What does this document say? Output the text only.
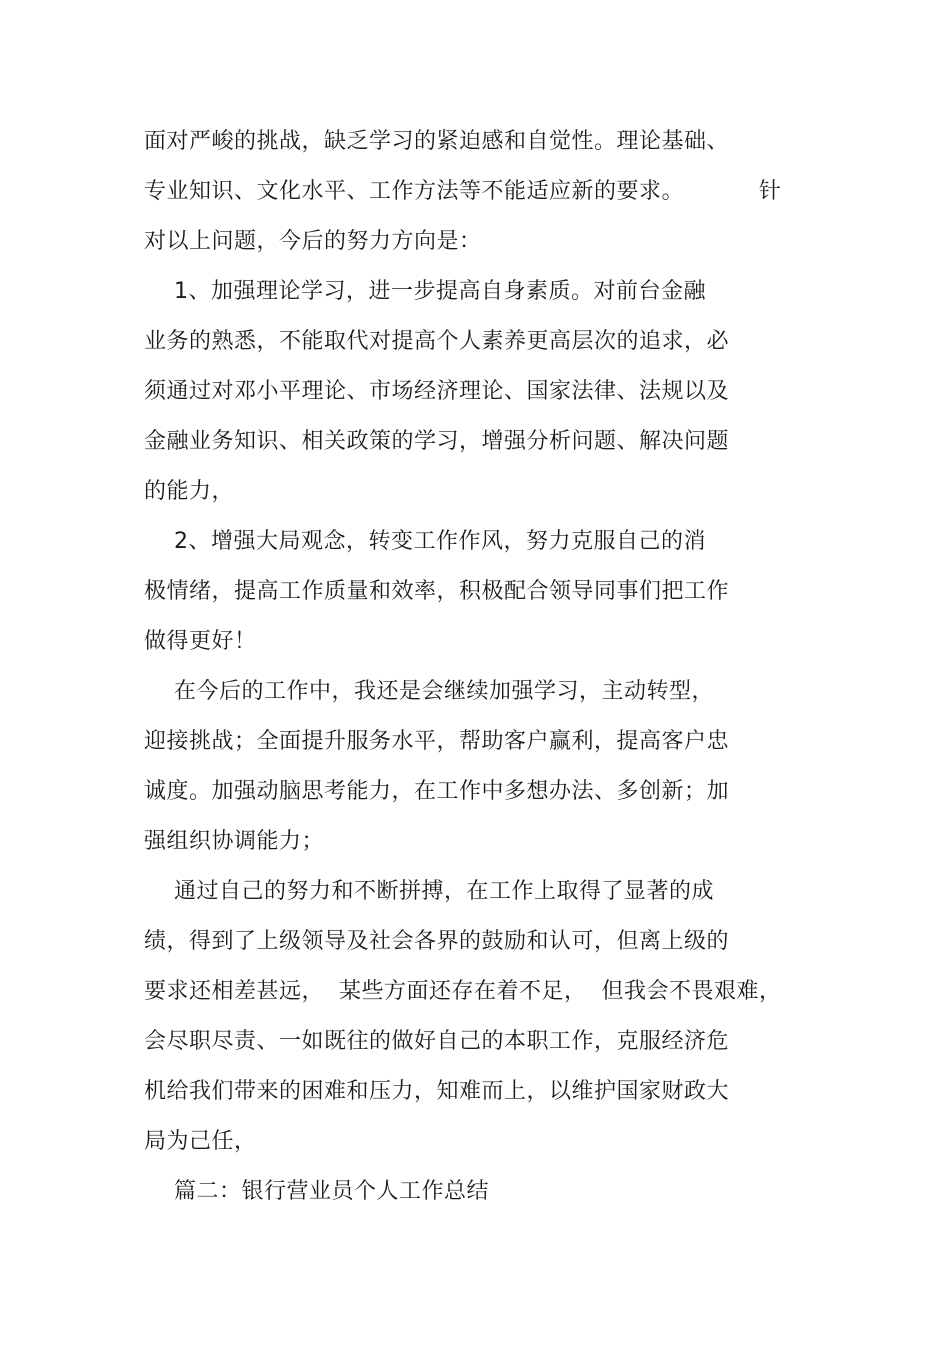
面对严峻的挑战，缺乏学习的紧迫感和自觉性。理论基础、
专业知识、文化水平、工作方法等不能适应新的要求。          针
对以上问题，今后的努力方向是：
1、加强理论学习，进一步提高自身素质。对前台金融
业务的熟悉，不能取代对提高个人素养更高层次的追求，必
须通过对邓小平理论、市场经济理论、国家法律、法规以及
金融业务知识、相关政策的学习，增强分析问题、解决问题
的能力，
2、增强大局观念，转变工作作风，努力克服自己的消
极情绪，提高工作质量和效率，积极配合领导同事们把工作
做得更好！
在今后的工作中，我还是会继续加强学习，主动转型，
迎接挑战；全面提升服务水平，帮助客户赢利，提高客户忠
诚度。加强动脑思考能力，在工作中多想办法、多创新；加
强组织协调能力；
通过自己的努力和不断拼搏，在工作上取得了显著的成
绩，得到了上级领导及社会各界的鼓励和认可，但离上级的
要求还相差甚远，  某些方面还存在着不足，  但我会不畏艰难，
会尽职尽责、一如既往的做好自己的本职工作，克服经济危
机给我们带来的困难和压力，知难而上，以维护国家财政大
局为己任，
篇二：银行营业员个人工作总结
